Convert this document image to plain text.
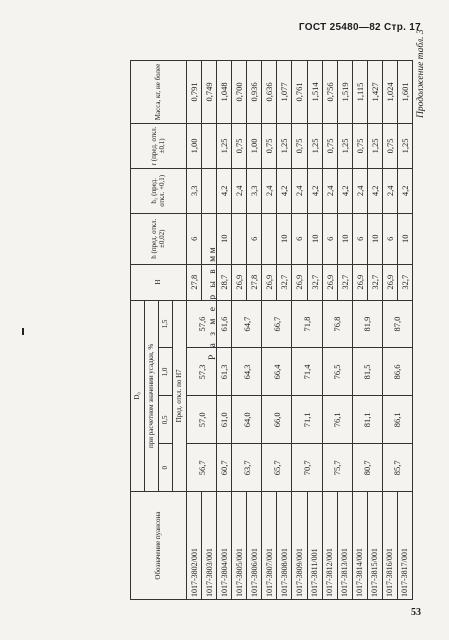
ГОСТ 25480—82 Стр. 17
Продолжение табл. 3
Р а з м е р ы в мм
Обозначение пуансона	D₀				H	h (пред. откл. ±0,02)	h₁ (пред. откл. +0,1)	r (пред. откл. ±0,1)	Масса, кг, не более
	при расчетном значении усадки, %								
	0	0,5	1,0	1,5					
	Пред. откл. по Н7								
1017-3802/001	56,7	57,0	57,3	57,6	27,8	6	3,3	1,00	0,791
1017-3803/001									0,749
1017-3804/001	60,7	61,0	61,3	61,6	28,7	10	4,2	1,25	1,048
1017-3805/001	63,7	64,0	64,3	64,7	26,9		2,4	0,75	0,700
1017-3806/001					27,8	6	3,3	1,00	0,936
1017-3807/001	65,7	66,0	66,4	66,7	26,9		2,4	0,75	0,636
1017-3808/001					32,7	10	4,2	1,25	1,077
1017-3809/001	70,7	71,1	71,4	71,8	26,9	6	2,4	0,75	0,761
1017-3811/001					32,7	10	4,2	1,25	1,514
1017-3812/001	75,7	76,1	76,5	76,8	26,9	6	2,4	0,75	0,756
1017-3813/001					32,7	10	4,2	1,25	1,519
1017-3814/001	80,7	81,1	81,5	81,9	26,9	6	2,4	0,75	1,115
1017-3815/001					32,7	10	4,2	1,25	1,427
1017-3816/001	85,7	86,1	86,6	87,0	26,9	6	2,4	0,75	1,024
1017-3817/001					32,7	10	4,2	1,25	1,601
53
